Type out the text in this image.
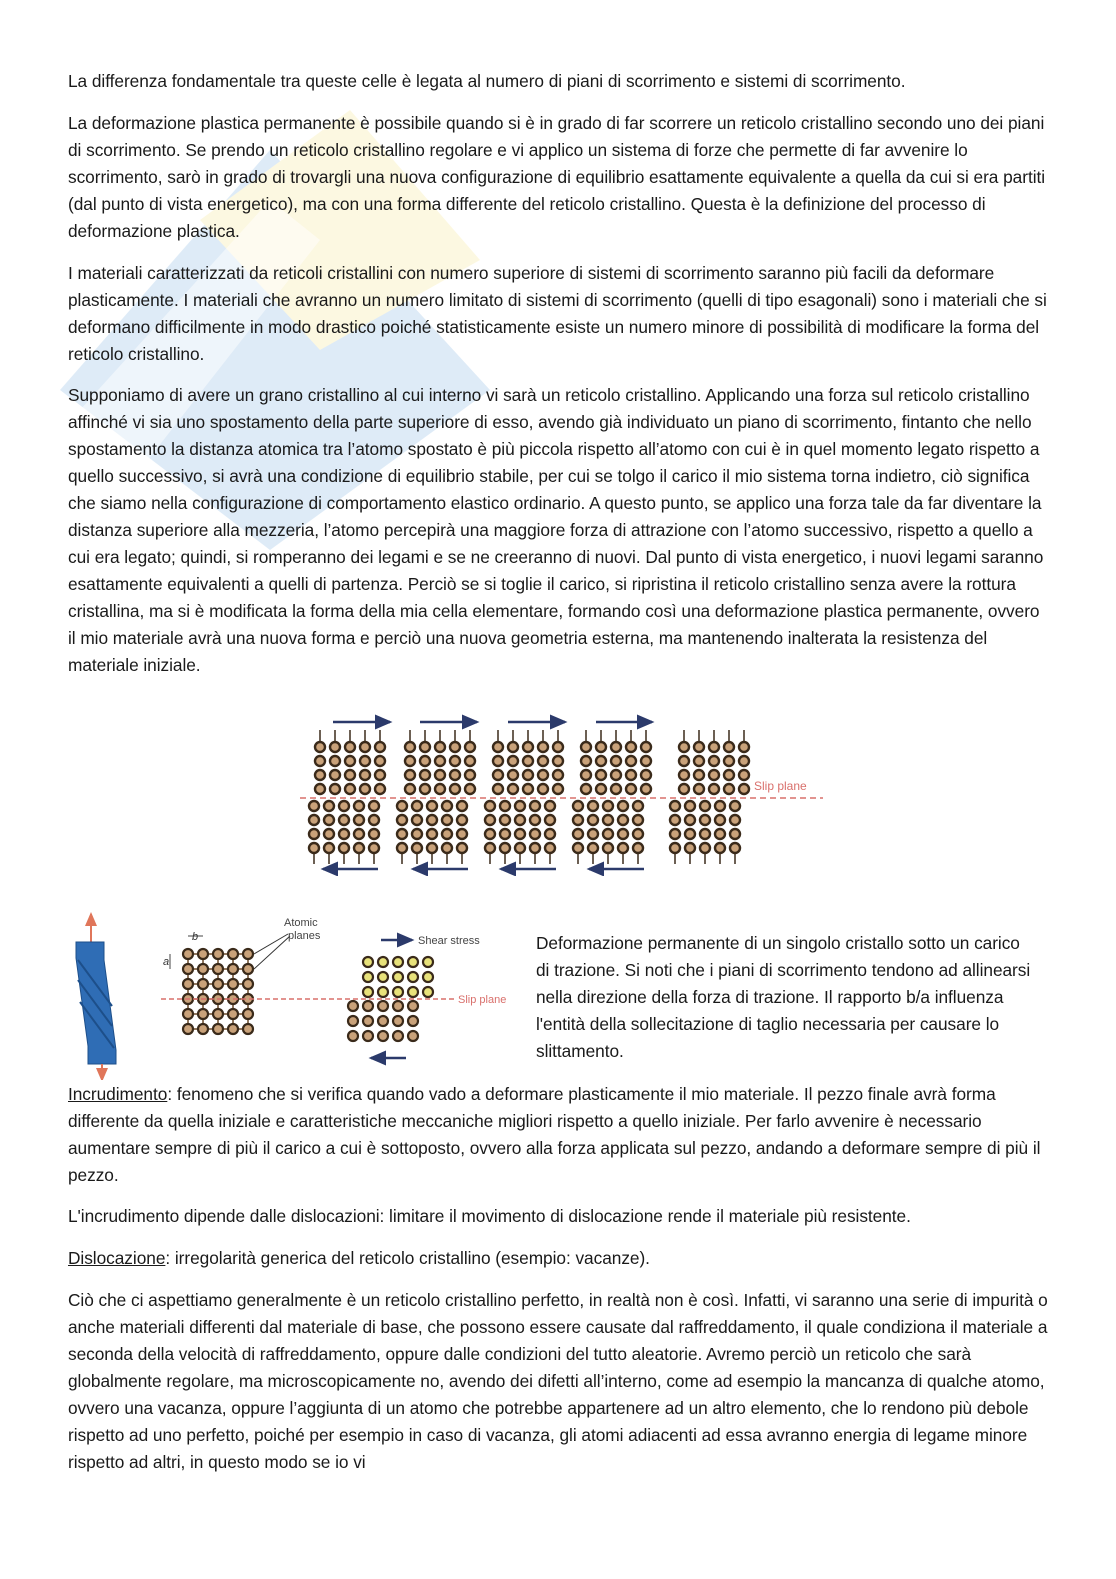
La differenza fondamentale tra queste celle è legata al numero di piani di scorrimento e sistemi di scorrimento.

La deformazione plastica permanente è possibile quando si è in grado di far scorrere un reticolo cristallino secondo uno dei piani di scorrimento. Se prendo un reticolo cristallino regolare e vi applico un sistema di forze che permette di far avvenire lo scorrimento, sarò in grado di trovargli una nuova configurazione di equilibrio esattamente equivalente a quella da cui si era partiti (dal punto di vista energetico), ma con una forma differente del reticolo cristallino. Questa è la definizione del processo di deformazione plastica.

I materiali caratterizzati da reticoli cristallini con numero superiore di sistemi di scorrimento saranno più facili da deformare plasticamente. I materiali che avranno un numero limitato di sistemi di scorrimento (quelli di tipo esagonali) sono i materiali che si deformano difficilmente in modo drastico poiché statisticamente esiste un numero minore di possibilità di modificare la forma del reticolo cristallino.

Supponiamo di avere un grano cristallino al cui interno vi sarà un reticolo cristallino. Applicando una forza sul reticolo cristallino affinché vi sia uno spostamento della parte superiore di esso, avendo già individuato un piano di scorrimento, fintanto che nello spostamento la distanza atomica tra l’atomo spostato è più piccola rispetto all’atomo con cui è in quel momento legato rispetto a quello successivo, si avrà una condizione di equilibrio stabile, per cui se tolgo il carico il mio sistema torna indietro, ciò significa che siamo nella configurazione di comportamento elastico ordinario. A questo punto, se applico una forza tale da far diventare la distanza superiore alla mezzeria, l’atomo percepirà una maggiore forza di attrazione con l’atomo successivo, rispetto a quello a cui era legato; quindi, si romperanno dei legami e se ne creeranno di nuovi. Dal punto di vista energetico, i nuovi legami saranno esattamente equivalenti a quelli di partenza. Perciò se si toglie il carico, si ripristina il reticolo cristallino senza avere la rottura cristallina, ma si è modificata la forma della mia cella elementare, formando così una deformazione plastica permanente, ovvero il mio materiale avrà una nuova forma e perciò una nuova geometria esterna, ma mantenendo inalterata la resistenza del materiale iniziale.

Slip plane
b
a
Atomic
planes	Shear stress
Slip plane

Deformazione permanente di un singolo cristallo sotto un carico di trazione. Si noti che i piani di scorrimento tendono ad allinearsi nella direzione della forza di trazione. Il rapporto b/a influenza l'entità della sollecitazione di taglio necessaria per causare lo slittamento.

Incrudimento: fenomeno che si verifica quando vado a deformare plasticamente il mio materiale. Il pezzo finale avrà forma differente da quella iniziale e caratteristiche meccaniche migliori rispetto a quello iniziale. Per farlo avvenire è necessario aumentare sempre di più il carico a cui è sottoposto, ovvero alla forza applicata sul pezzo, andando a deformare sempre di più il pezzo.

L'incrudimento dipende dalle dislocazioni: limitare il movimento di dislocazione rende il materiale più resistente.

Dislocazione: irregolarità generica del reticolo cristallino (esempio: vacanze).

Ciò che ci aspettiamo generalmente è un reticolo cristallino perfetto, in realtà non è così. Infatti, vi saranno una serie di impurità o anche materiali differenti dal materiale di base, che possono essere causate dal raffreddamento, il quale condiziona il materiale a seconda della velocità di raffreddamento, oppure dalle condizioni del tutto aleatorie. Avremo perciò un reticolo che sarà globalmente regolare, ma microscopicamente no, avendo dei difetti all’interno, come ad esempio la mancanza di qualche atomo, ovvero una vacanza, oppure l’aggiunta di un atomo che potrebbe appartenere ad un altro elemento, che lo rendono più debole rispetto ad uno perfetto, poiché per esempio in caso di vacanza, gli atomi adiacenti ad essa avranno energia di legame minore rispetto ad altri, in questo modo se io vi
